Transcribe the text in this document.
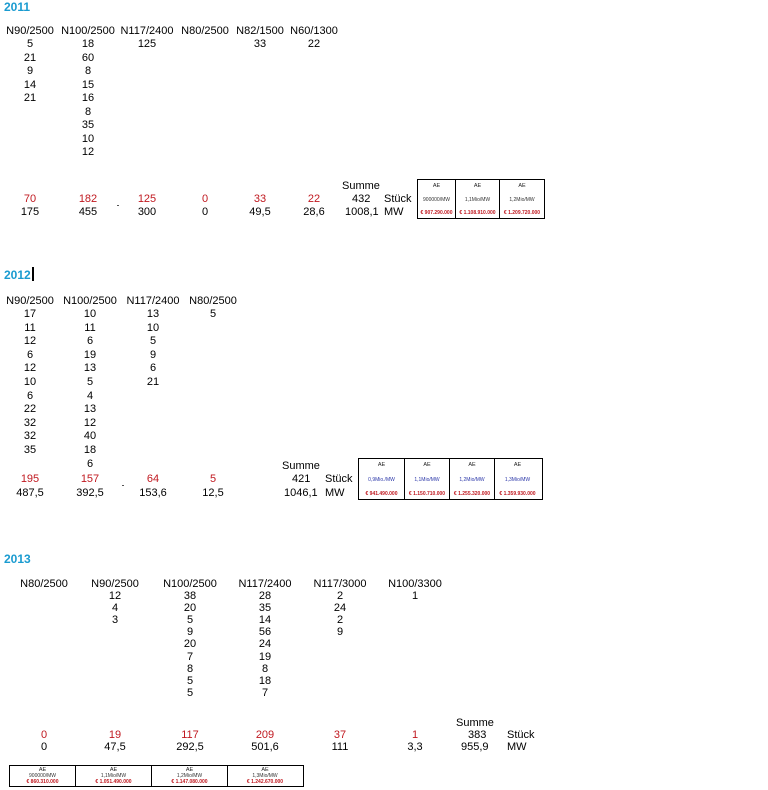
2011
N90/2500
5
21
9
14
21
70
175
N100/2500
18
60
8
15
16
8
35
10
12
182
455
N117/2400
125
125
300
N80/2500
0
0
N82/1500
33
33
49,5
N60/1300
22
22
28,6
Summe
432 Stück
1008,1 MW
AE
900000/MW
€ 907.290.000
AE
1,1Mio/MW
€ 1.108.910.000
AE
1,2Mio/MW
€ 1.209.720.000
2012
N90/2500
17
11
12
6
12
10
6
22
32
32
35
195
487,5
N100/2500
10
11
6
19
13
5
4
13
12
40
18
6
157
392,5
N117/2400
13
10
5
9
6
21
64
153,6
N80/2500
5
5
12,5
Summe
421 Stück
1046,1 MW
AE
0,9Mio./MW
€ 941.490.000
AE
1,1Mio/MW
€ 1.150.710.000
AE
1,2Mio/MW
€ 1.255.320.000
AE
1,3Mio/MW
€ 1.359.930.000
2013
N80/2500
0
0
N90/2500
12
4
3
19
47,5
N100/2500
38
20
5
9
20
7
8
5
5
117
292,5
N117/2400
28
35
14
56
24
19
8
18
7
209
501,6
N117/3000
2
24
2
9
37
111
N100/3300
1
1
3,3
Summe
383 Stück
955,9 MW
AE
900000/MW
€ 860.310.000
AE
1,1Mio/MW
€ 1.051.490.000
AE
1,2Mio/MW
€ 1.147.080.000
AE
1,3Mio/MW
€ 1.242.670.000
